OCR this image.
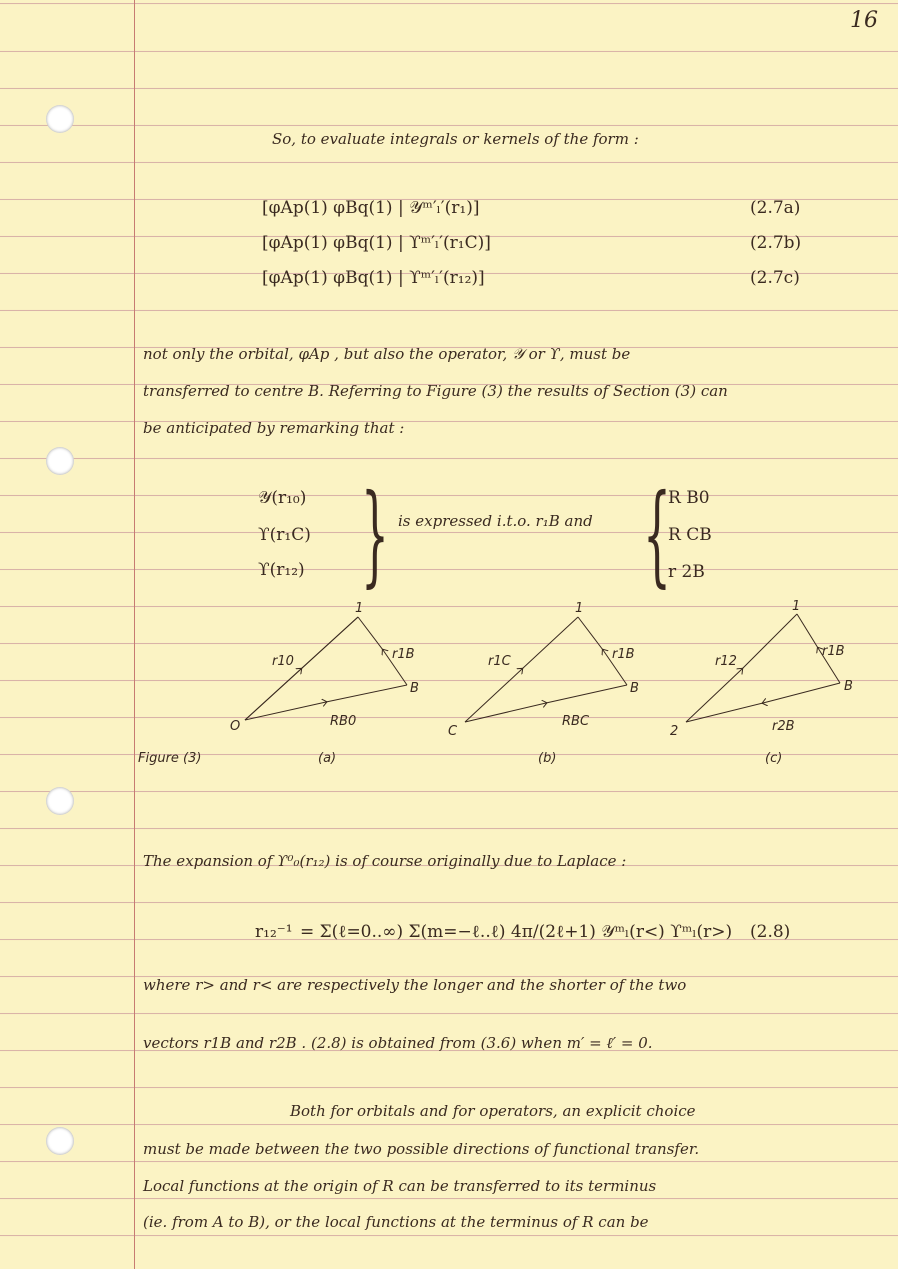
16
So, to evaluate integrals or kernels of the form :
[φAp(1) φBq(1) | 𝒴ᵐ′ₗ′(r₁)]	(2.7a)
[φAp(1) φBq(1) | ϒᵐ′ₗ′(r₁C)]	(2.7b)
[φAp(1) φBq(1) | ϒᵐ′ₗ′(r₁₂)]	(2.7c)
not only the orbital, φAp , but also the operator, 𝒴 or ϒ, must be
transferred to centre B. Referring to Figure (3) the results of Section (3) can
be anticipated by remarking that :
𝒴(r₁₀)
ϒ(r₁C)
ϒ(r₁₂) } is expressed i.t.o. r₁B and {
R B0
R CB
r 2B
1
O
B
r10	r1B
RB0
1
C
B
r1C	r1B
RBC
1
2
B
r12
r1B
r2B
Figure (3)	(a)	(b)	(c)
The expansion of ϒ⁰₀(r₁₂) is of course originally due to Laplace :
r₁₂⁻¹ = Σ(ℓ=0..∞) Σ(m=−ℓ..ℓ) 4π/(2ℓ+1) 𝒴ᵐₗ(r<) ϒᵐₗ(r>) (2.8)
where r> and r< are respectively the longer and the shorter of the two
vectors r1B and r2B . (2.8) is obtained from (3.6) when m′ = ℓ′ = 0.
Both for orbitals and for operators, an explicit choice
must be made between the two possible directions of functional transfer.
Local functions at the origin of R can be transferred to its terminus
(ie. from A to B), or the local functions at the terminus of R can be
